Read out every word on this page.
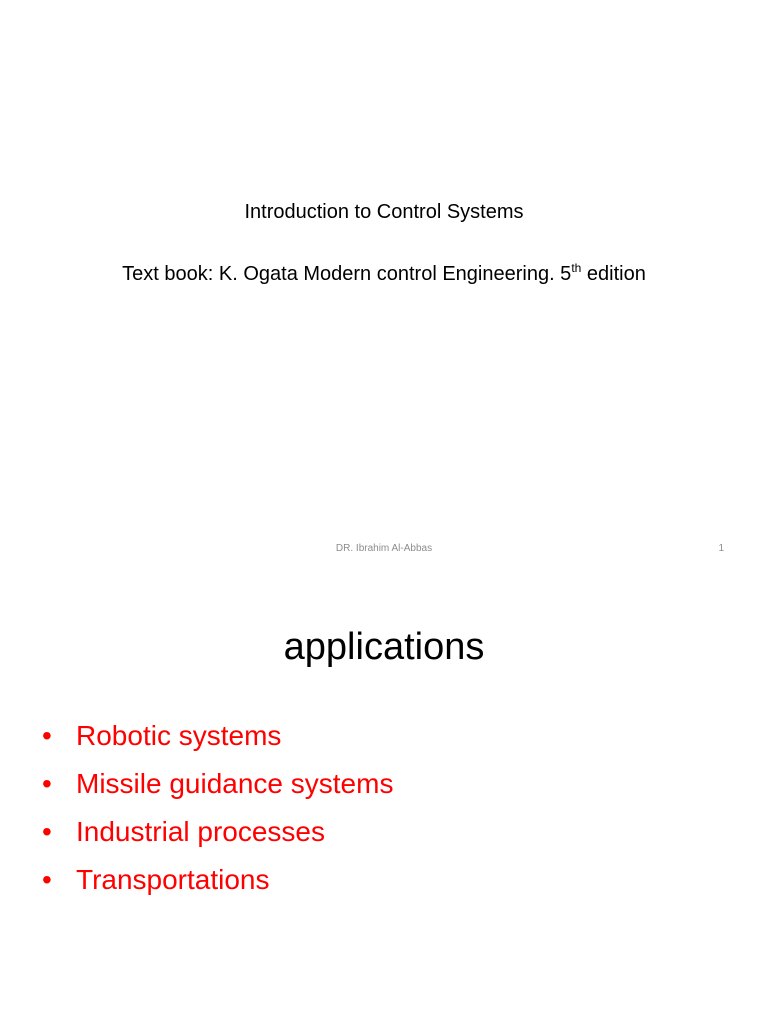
Introduction to Control Systems
Text book: K. Ogata Modern control Engineering. 5th edition
DR. Ibrahim Al-Abbas	1
applications
• Robotic systems
• Missile guidance systems
• Industrial processes
• Transportations
